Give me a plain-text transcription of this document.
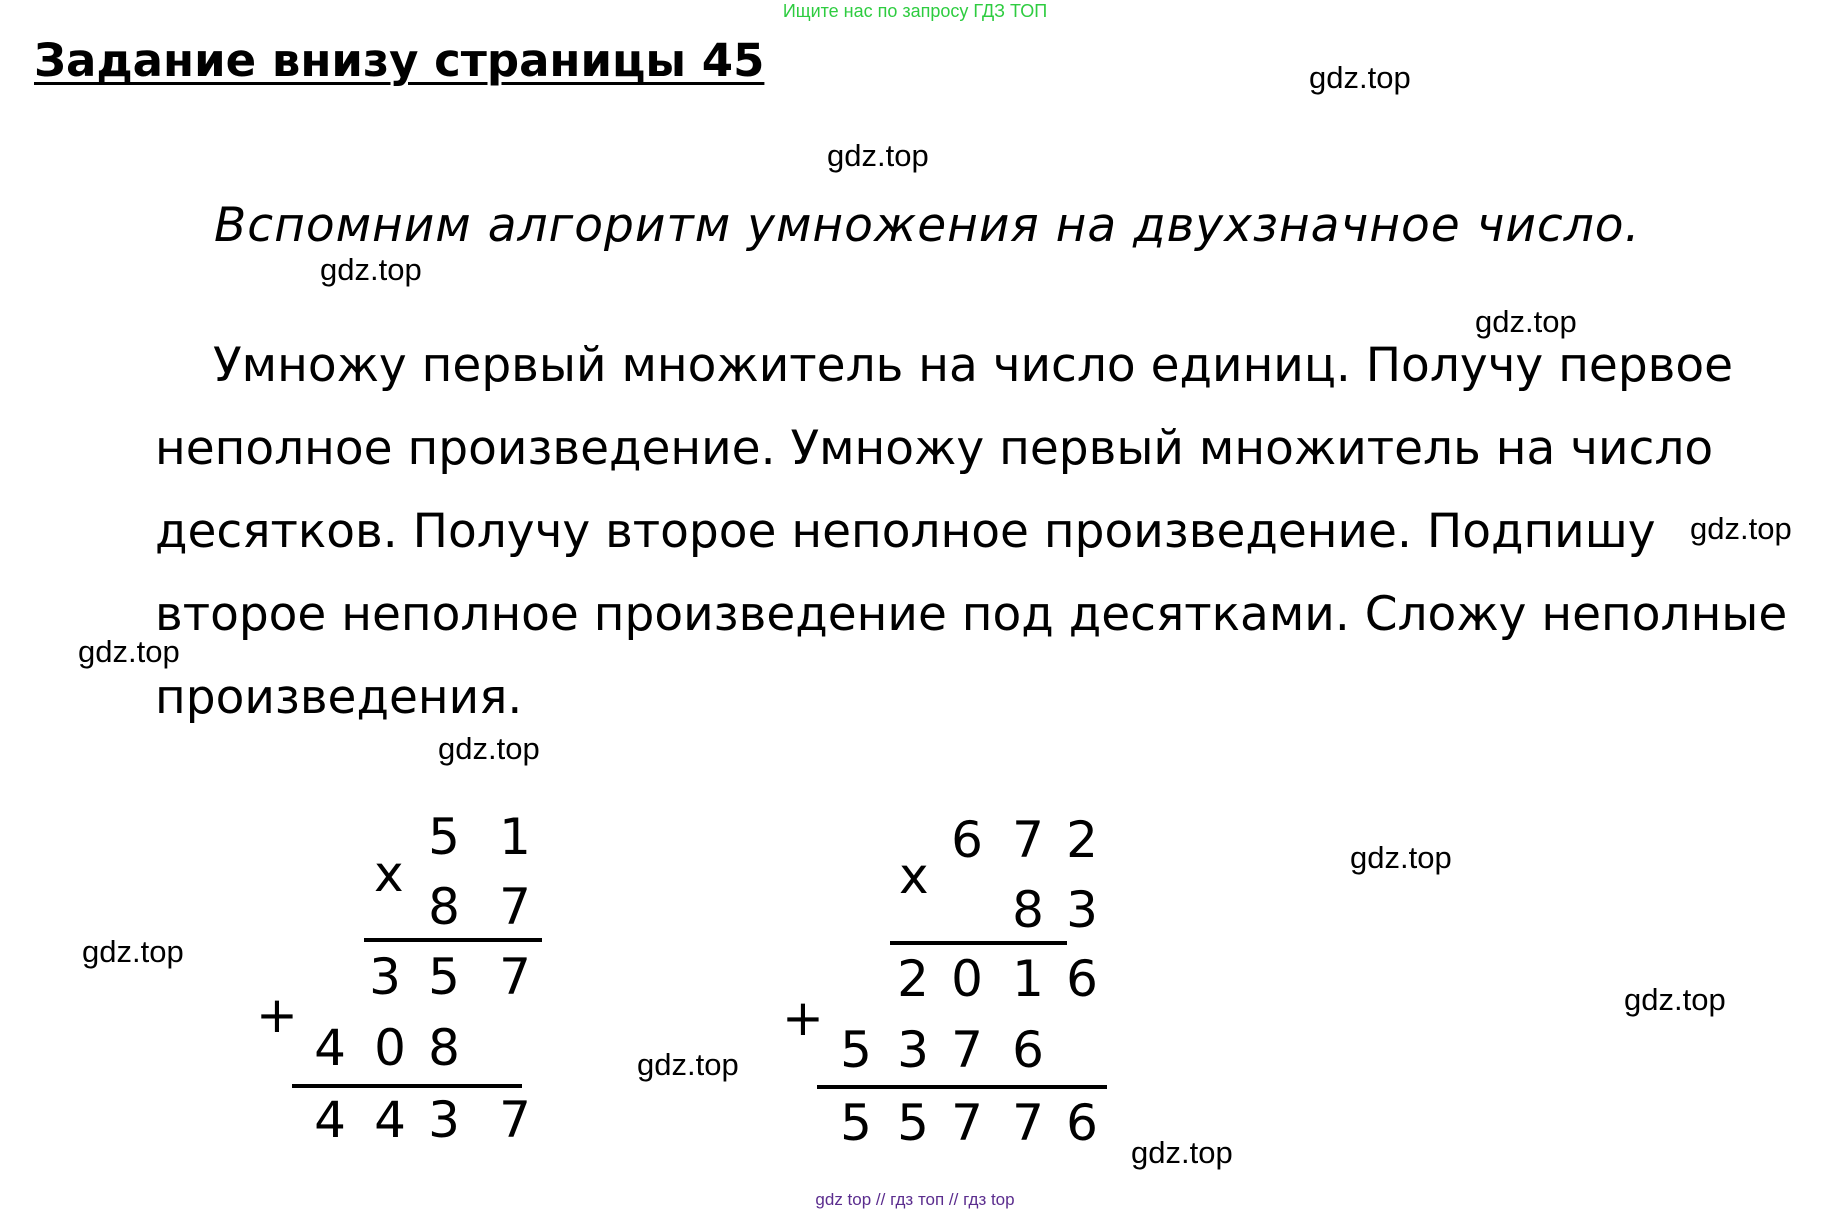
Ищите нас по запросу ГДЗ ТОП
Задание внизу страницы 45
Вспомним алгоритм умножения на двухзначное число.
Умножу первый множитель на число единиц. Получу первое неполное произведение. Умножу первый множитель на число десятков. Получу второе неполное произведение. Подпишу второе неполное произведение под десятками. Сложу неполные произведения.
gdz.top
gdz.top
gdz.top
gdz.top
gdz.top
gdz.top
gdz.top
gdz.top
gdz.top
gdz.top
gdz.top
gdz.top
x
5 1
8 7
3 5 7
+
4 0 8
4 4 3 7
x
6 7 2
8 3
2 0 1 6
+
5 3 7 6
5 5 7 7 6
gdz top // гдз топ // гдз top
